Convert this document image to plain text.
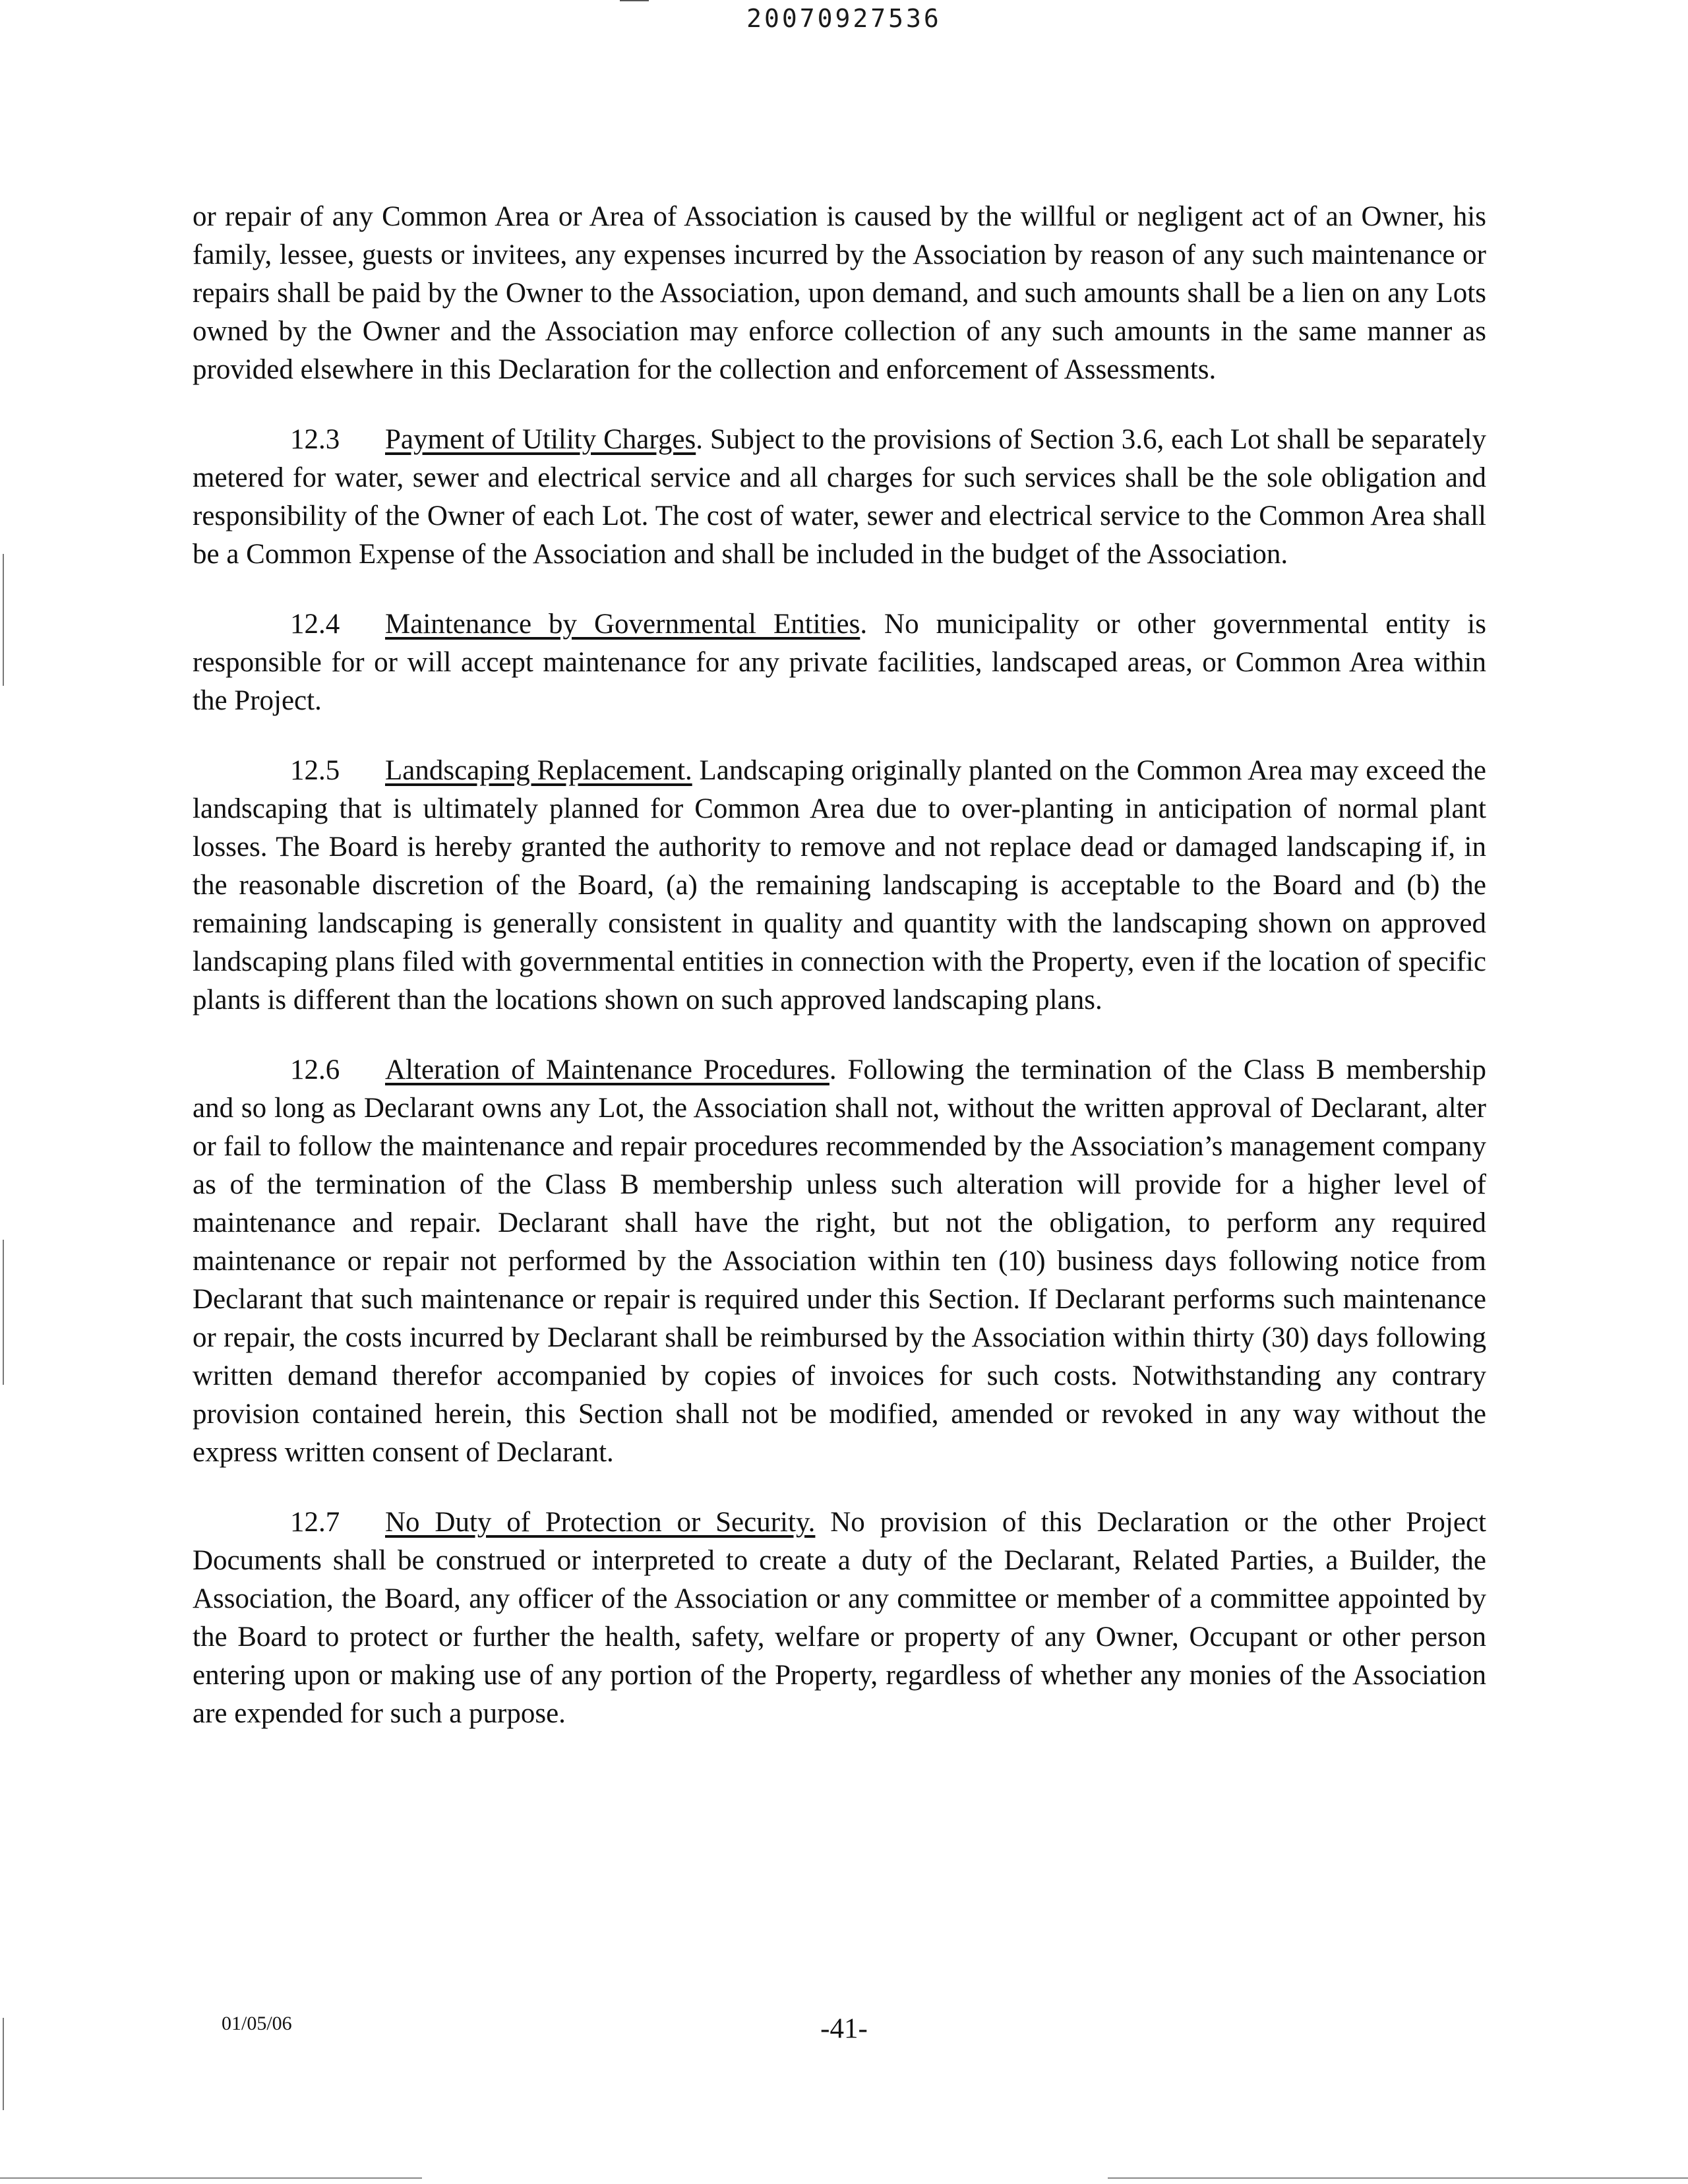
20070927536

or repair of any Common Area or Area of Association is caused by the willful or negligent act of an Owner, his family, lessee, guests or invitees, any expenses incurred by the Association by reason of any such maintenance or repairs shall be paid by the Owner to the Association, upon demand, and such amounts shall be a lien on any Lots owned by the Owner and the Association may enforce collection of any such amounts in the same manner as provided elsewhere in this Declaration for the collection and enforcement of Assessments.

12.3 Payment of Utility Charges. Subject to the provisions of Section 3.6, each Lot shall be separately metered for water, sewer and electrical service and all charges for such services shall be the sole obligation and responsibility of the Owner of each Lot. The cost of water, sewer and electrical service to the Common Area shall be a Common Expense of the Association and shall be included in the budget of the Association.

12.4 Maintenance by Governmental Entities. No municipality or other governmental entity is responsible for or will accept maintenance for any private facilities, landscaped areas, or Common Area within the Project.

12.5 Landscaping Replacement. Landscaping originally planted on the Common Area may exceed the landscaping that is ultimately planned for Common Area due to over-planting in anticipation of normal plant losses. The Board is hereby granted the authority to remove and not replace dead or damaged landscaping if, in the reasonable discretion of the Board, (a) the remaining landscaping is acceptable to the Board and (b) the remaining landscaping is generally consistent in quality and quantity with the landscaping shown on approved landscaping plans filed with governmental entities in connection with the Property, even if the location of specific plants is different than the locations shown on such approved landscaping plans.

12.6 Alteration of Maintenance Procedures. Following the termination of the Class B membership and so long as Declarant owns any Lot, the Association shall not, without the written approval of Declarant, alter or fail to follow the maintenance and repair procedures recommended by the Association’s management company as of the termination of the Class B membership unless such alteration will provide for a higher level of maintenance and repair. Declarant shall have the right, but not the obligation, to perform any required maintenance or repair not performed by the Association within ten (10) business days following notice from Declarant that such maintenance or repair is required under this Section. If Declarant performs such maintenance or repair, the costs incurred by Declarant shall be reimbursed by the Association within thirty (30) days following written demand therefor accompanied by copies of invoices for such costs. Notwithstanding any contrary provision contained herein, this Section shall not be modified, amended or revoked in any way without the express written consent of Declarant.

12.7 No Duty of Protection or Security. No provision of this Declaration or the other Project Documents shall be construed or interpreted to create a duty of the Declarant, Related Parties, a Builder, the Association, the Board, any officer of the Association or any committee or member of a committee appointed by the Board to protect or further the health, safety, welfare or property of any Owner, Occupant or other person entering upon or making use of any portion of the Property, regardless of whether any monies of the Association are expended for such a purpose.

01/05/06	-41-
